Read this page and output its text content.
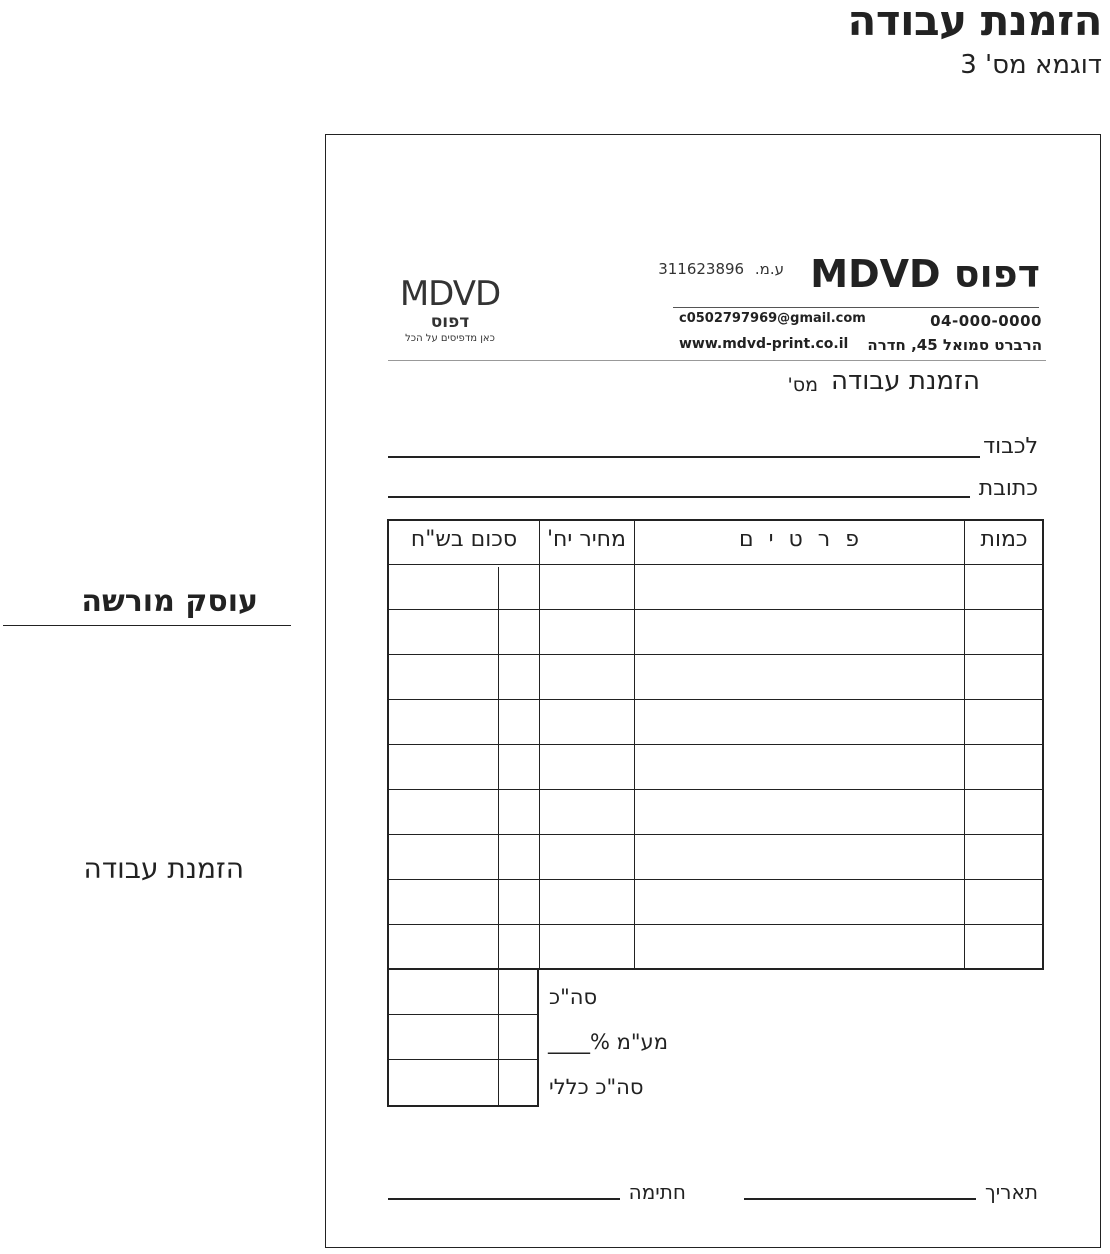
הזמנת עבודה
דוגמא מס' 3
עוסק מורשה
הזמנת עבודה
דפוס MDVD
ע.מ. 311623896
04-000-0000
הרברט סמואל 45, חדרה
c0502797969@gmail.com
www.mdvd-print.co.il
MDVD
דפוס
כאן מדפיסים על הכל
הזמנת עבודה
מס'
לכבוד
כתובת
כמות
פ ר ט י ם
מחיר יח'
סכום בש"ח
סה"כ
מע"מ %____
סה"כ כללי
תאריך
חתימה
